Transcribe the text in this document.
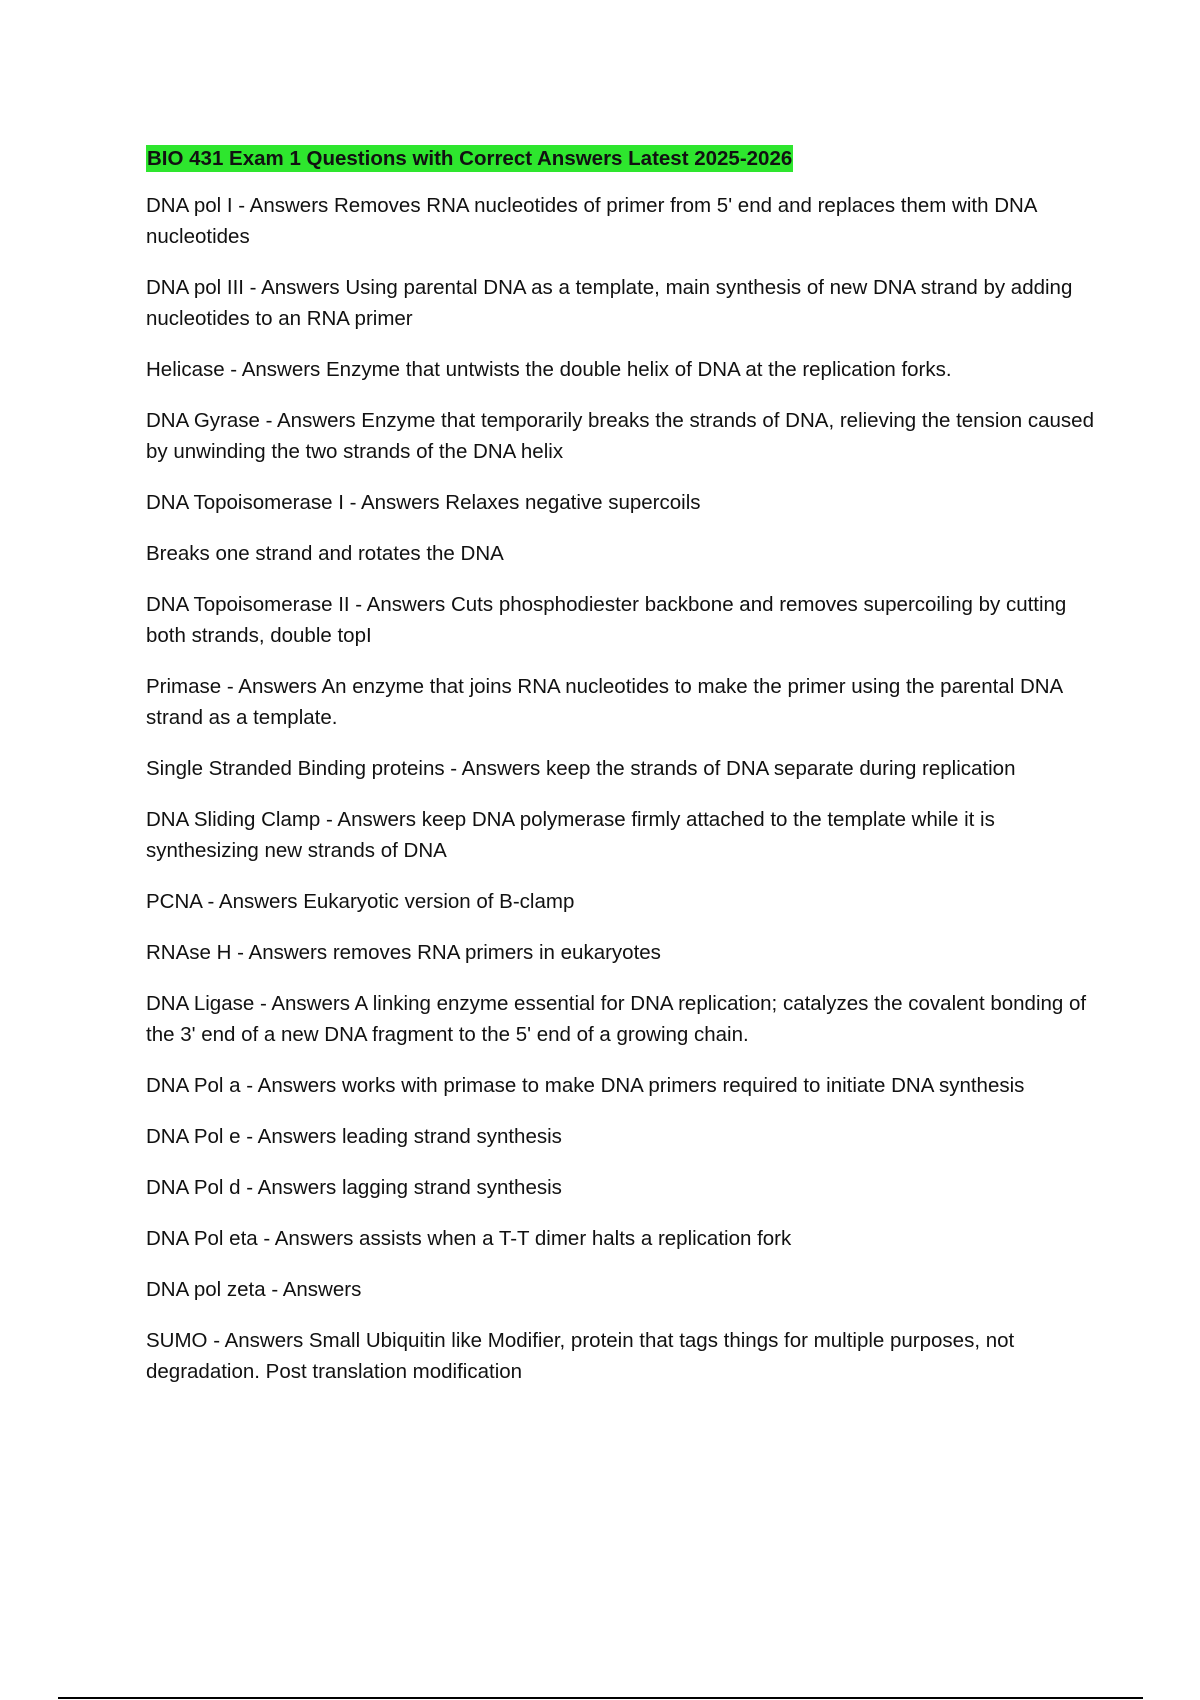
BIO 431 Exam 1 Questions with Correct Answers Latest 2025-2026

DNA pol I - Answers Removes RNA nucleotides of primer from 5' end and replaces them with DNA nucleotides

DNA pol III - Answers Using parental DNA as a template, main synthesis of new DNA strand by adding nucleotides to an RNA primer

Helicase - Answers Enzyme that untwists the double helix of DNA at the replication forks.

DNA Gyrase - Answers Enzyme that temporarily breaks the strands of DNA, relieving the tension caused by unwinding the two strands of the DNA helix

DNA Topoisomerase I - Answers Relaxes negative supercoils

Breaks one strand and rotates the DNA

DNA Topoisomerase II - Answers Cuts phosphodiester backbone and removes supercoiling by cutting both strands, double topI

Primase - Answers An enzyme that joins RNA nucleotides to make the primer using the parental DNA strand as a template.

Single Stranded Binding proteins - Answers keep the strands of DNA separate during replication

DNA Sliding Clamp - Answers keep DNA polymerase firmly attached to the template while it is synthesizing new strands of DNA

PCNA - Answers Eukaryotic version of B-clamp

RNAse H - Answers removes RNA primers in eukaryotes

DNA Ligase - Answers A linking enzyme essential for DNA replication; catalyzes the covalent bonding of the 3' end of a new DNA fragment to the 5' end of a growing chain.

DNA Pol a - Answers works with primase to make DNA primers required to initiate DNA synthesis

DNA Pol e - Answers leading strand synthesis

DNA Pol d - Answers lagging strand synthesis

DNA Pol eta - Answers assists when a T-T dimer halts a replication fork

DNA pol zeta - Answers

SUMO - Answers Small Ubiquitin like Modifier, protein that tags things for multiple purposes, not degradation. Post translation modification
